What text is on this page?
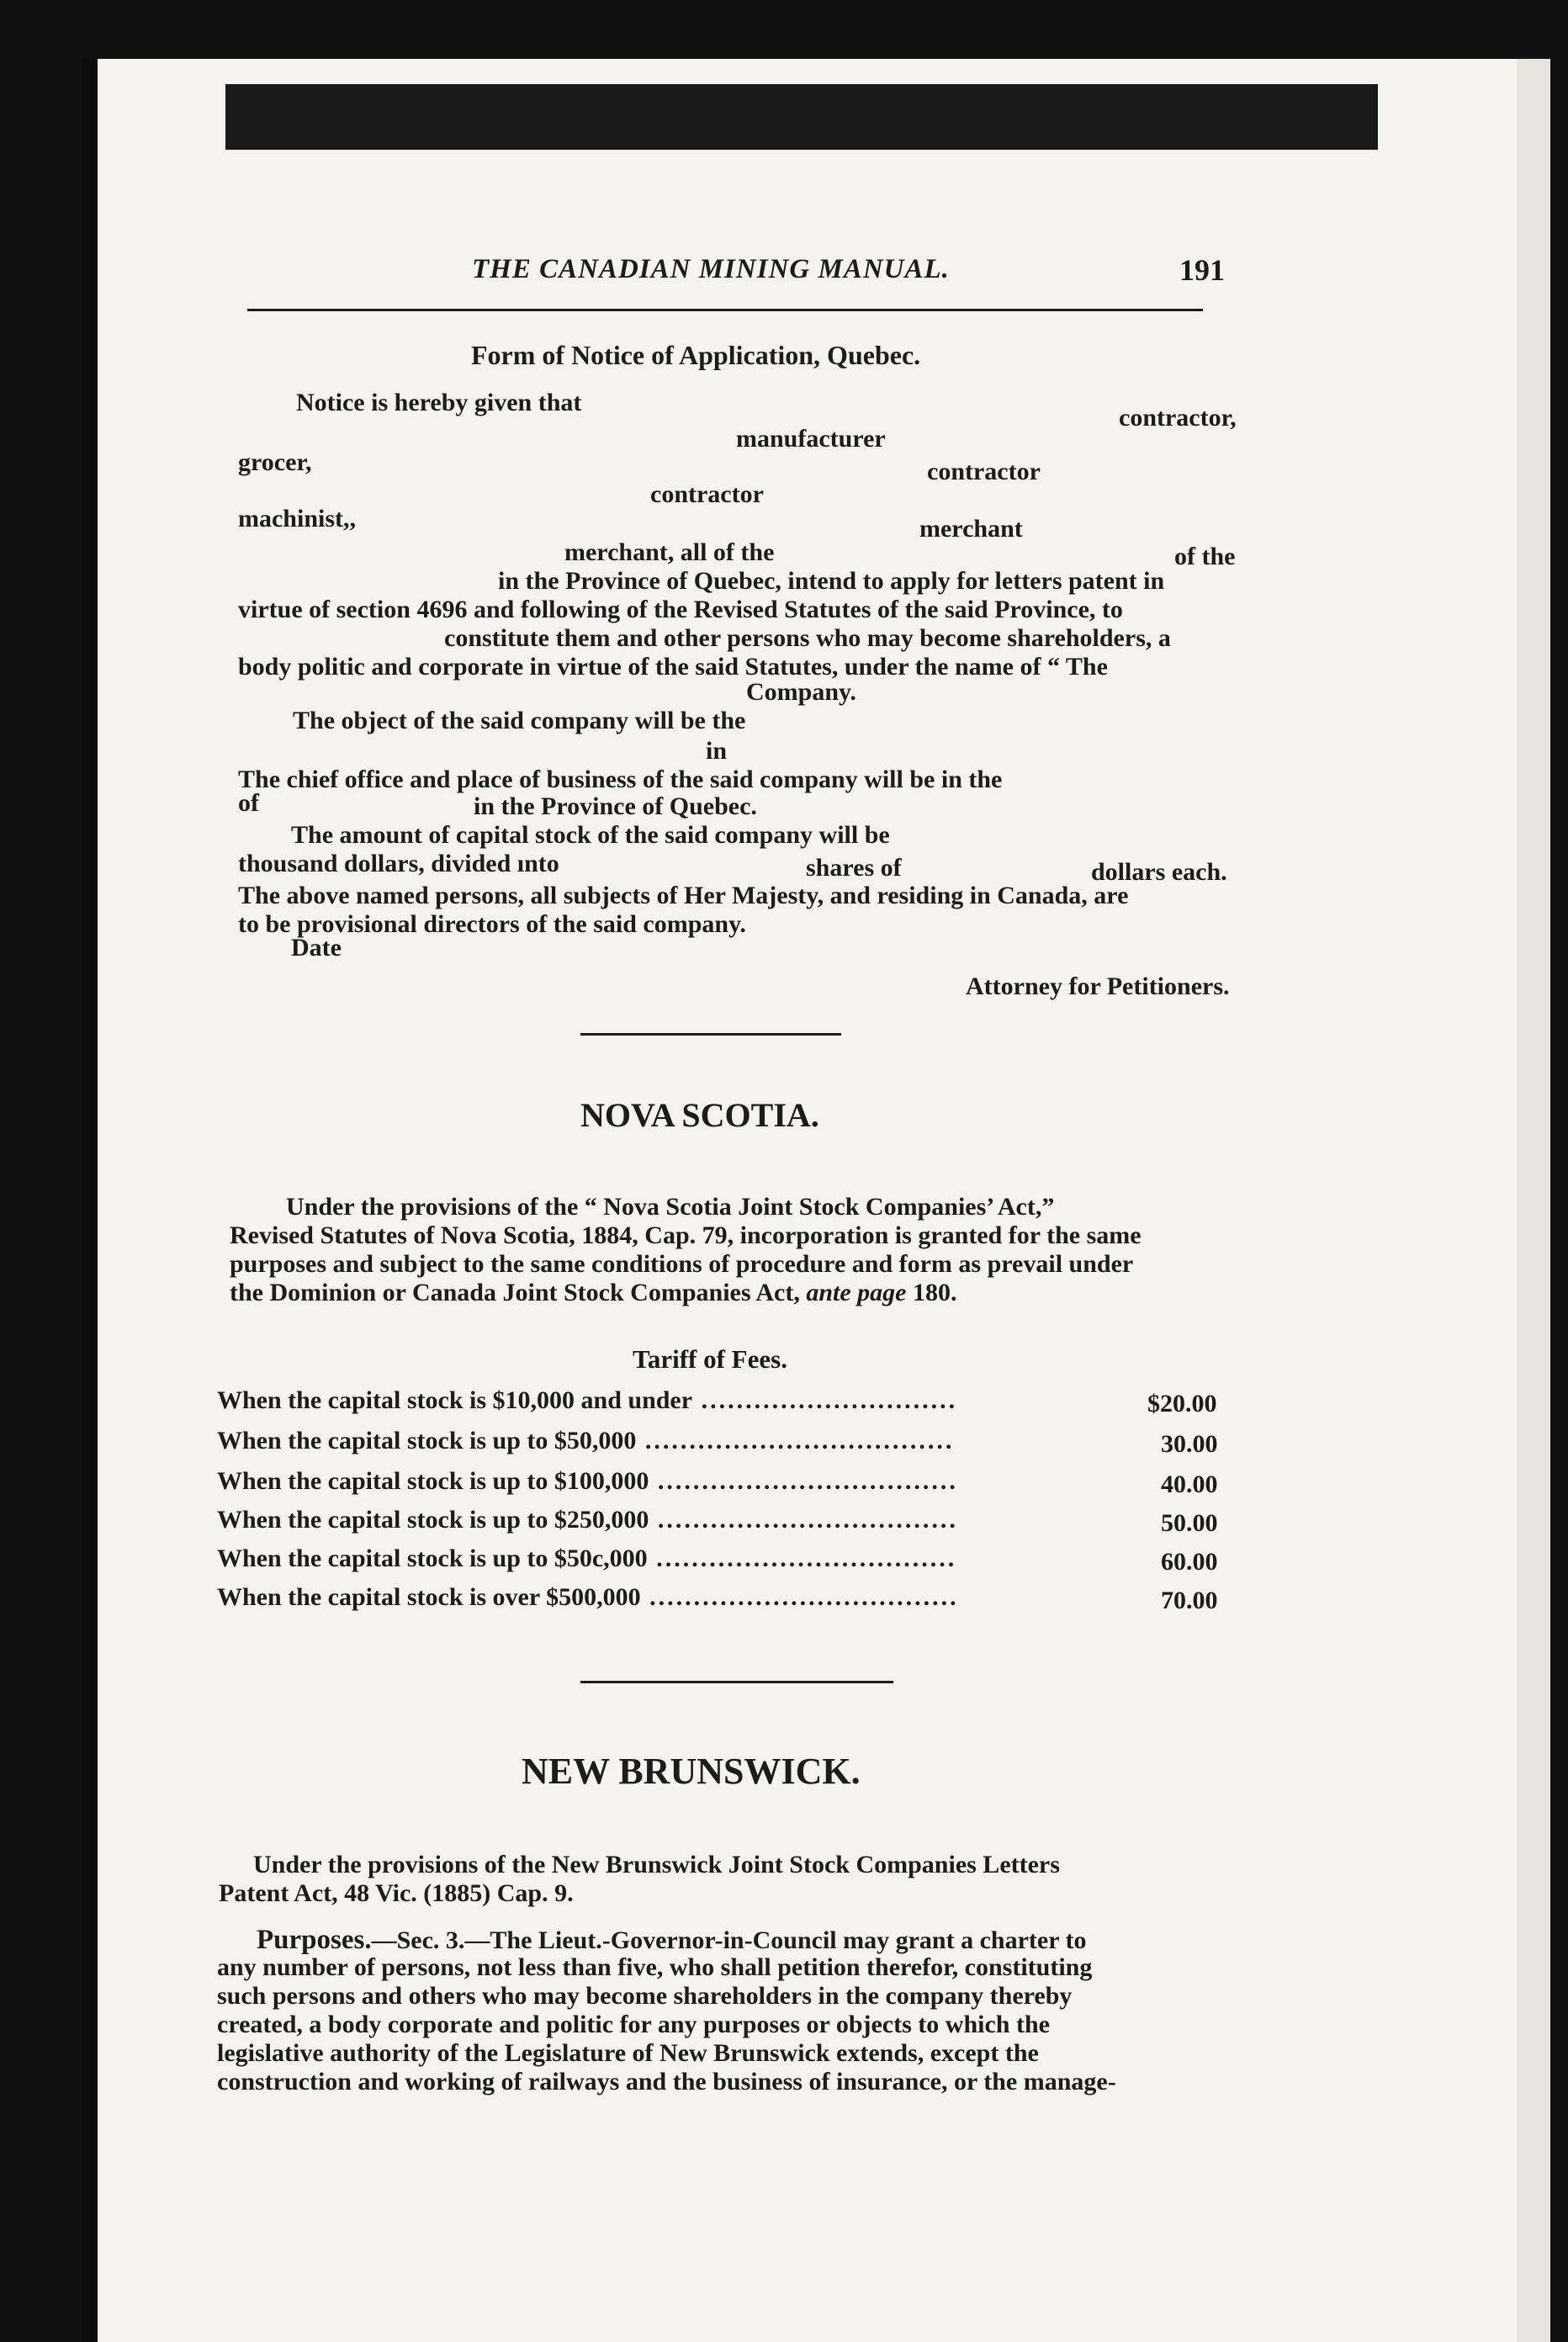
THE CANADIAN MINING MANUAL.	191
Form of Notice of Application, Quebec.
Notice is hereby given that
contractor,
manufacturer
grocer,	contractor
contractor
machinist,,	merchant
merchant, all of the	of the
in the Province of Quebec, intend to apply for letters patent in
virtue of section 4696 and following of the Revised Statutes of the said Province, to
constitute them and other persons who may become shareholders, a
body politic and corporate in virtue of the said Statutes, under the name of “ The
Company.
The object of the said company will be the
in
The chief office and place of business of the said company will be in the
of	in the Province of Quebec.
The amount of capital stock of the said company will be
thousand dollars, divided ınto	shares of	dollars each.
The above named persons, all subjects of Her Majesty, and residing in Canada, are
to be provisional directors of the said company.
Date
Attorney for Petitioners.
NOVA SCOTIA.
Under the provisions of the “ Nova Scotia Joint Stock Companies’ Act,”
Revised Statutes of Nova Scotia, 1884, Cap. 79, incorporation is granted for the same
purposes and subject to the same conditions of procedure and form as prevail under
the Dominion or Canada Joint Stock Companies Act, ante page 180.
Tariff of Fees.
When the capital stock is $10,000 and under .............................	$20.00
When the capital stock is up to $50,000 ...................................	30.00
When the capital stock is up to $100,000 ..................................	40.00
When the capital stock is up to $250,000 ..................................	50.00
When the capital stock is up to $50c,000 ..................................	60.00
When the capital stock is over $500,000 ...................................	70.00
NEW BRUNSWICK.
Under the provisions of the New Brunswick Joint Stock Companies Letters
Patent Act, 48 Vic. (1885) Cap. 9.
Purposes.—Sec. 3.—The Lieut.-Governor-in-Council may grant a charter to
any number of persons, not less than five, who shall petition therefor, constituting
such persons and others who may become shareholders in the company thereby
created, a body corporate and politic for any purposes or objects to which the
legislative authority of the Legislature of New Brunswick extends, except the
construction and working of railways and the business of insurance, or the manage-
